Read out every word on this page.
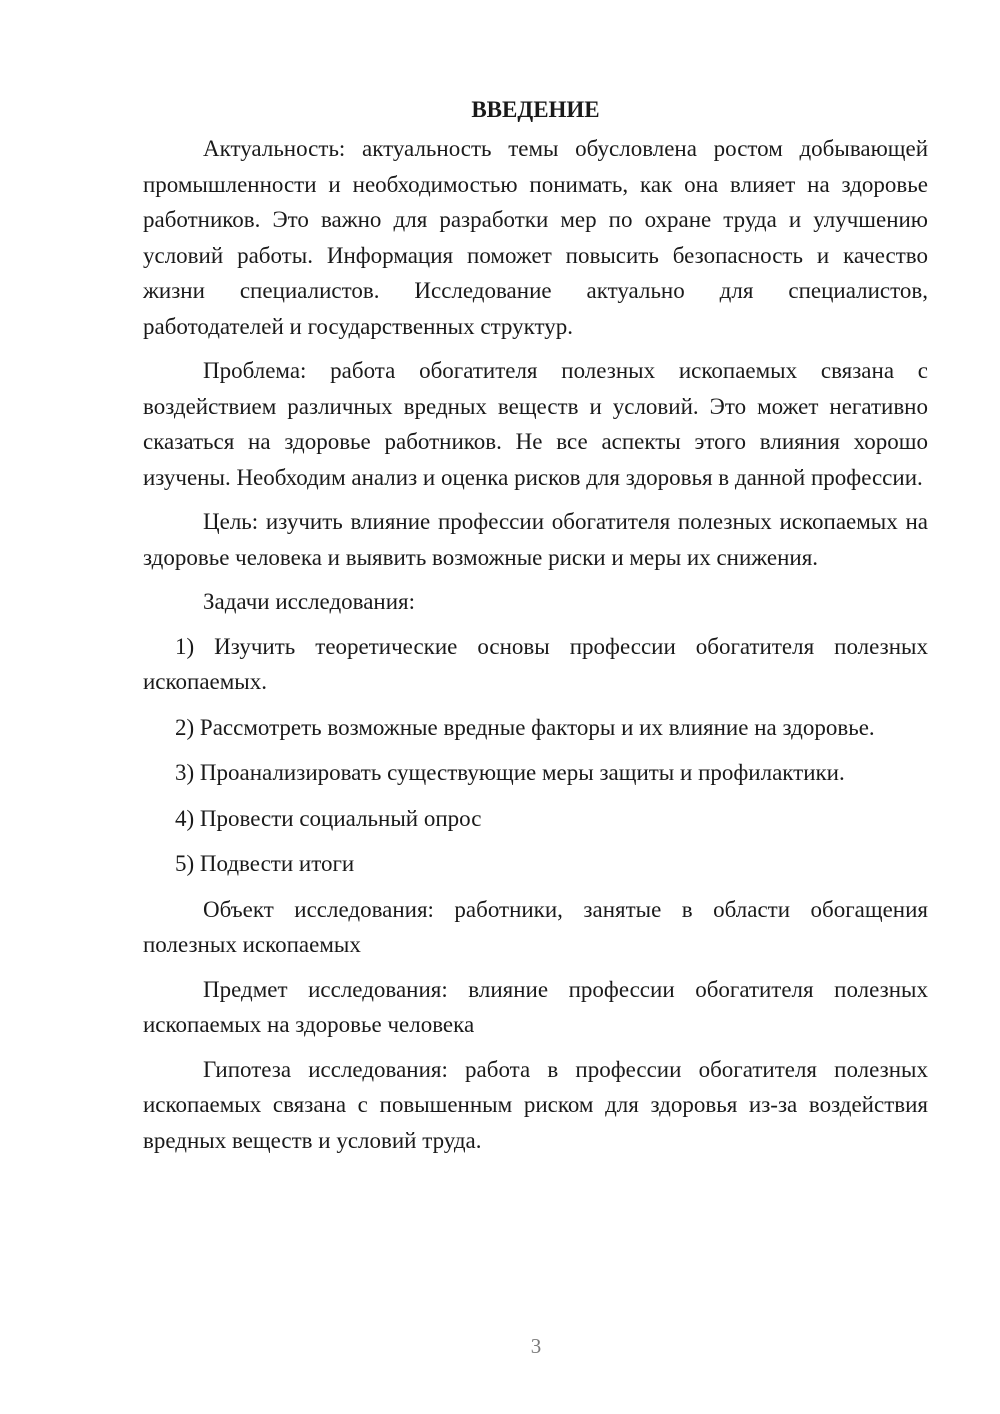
ВВЕДЕНИЕ

Актуальность: актуальность темы обусловлена ростом добывающей промышленности и необходимостью понимать, как она влияет на здоровье работников. Это важно для разработки мер по охране труда и улучшению условий работы. Информация поможет повысить безопасность и качество жизни специалистов. Исследование актуально для специалистов, работодателей и государственных структур.

Проблема: работа обогатителя полезных ископаемых связана с воздействием различных вредных веществ и условий. Это может негативно сказаться на здоровье работников. Не все аспекты этого влияния хорошо изучены. Необходим анализ и оценка рисков для здоровья в данной профессии.

Цель: изучить влияние профессии обогатителя полезных ископаемых на здоровье человека и выявить возможные риски и меры их снижения.

Задачи исследования:

1) Изучить теоретические основы профессии обогатителя полезных ископаемых.

2) Рассмотреть возможные вредные факторы и их влияние на здоровье.

3) Проанализировать существующие меры защиты и профилактики.

4) Провести социальный опрос

5) Подвести итоги

Объект исследования: работники, занятые в области обогащения полезных ископаемых

Предмет исследования: влияние профессии обогатителя полезных ископаемых на здоровье человека

Гипотеза исследования: работа в профессии обогатителя полезных ископаемых связана с повышенным риском для здоровья из-за воздействия вредных веществ и условий труда.

3
